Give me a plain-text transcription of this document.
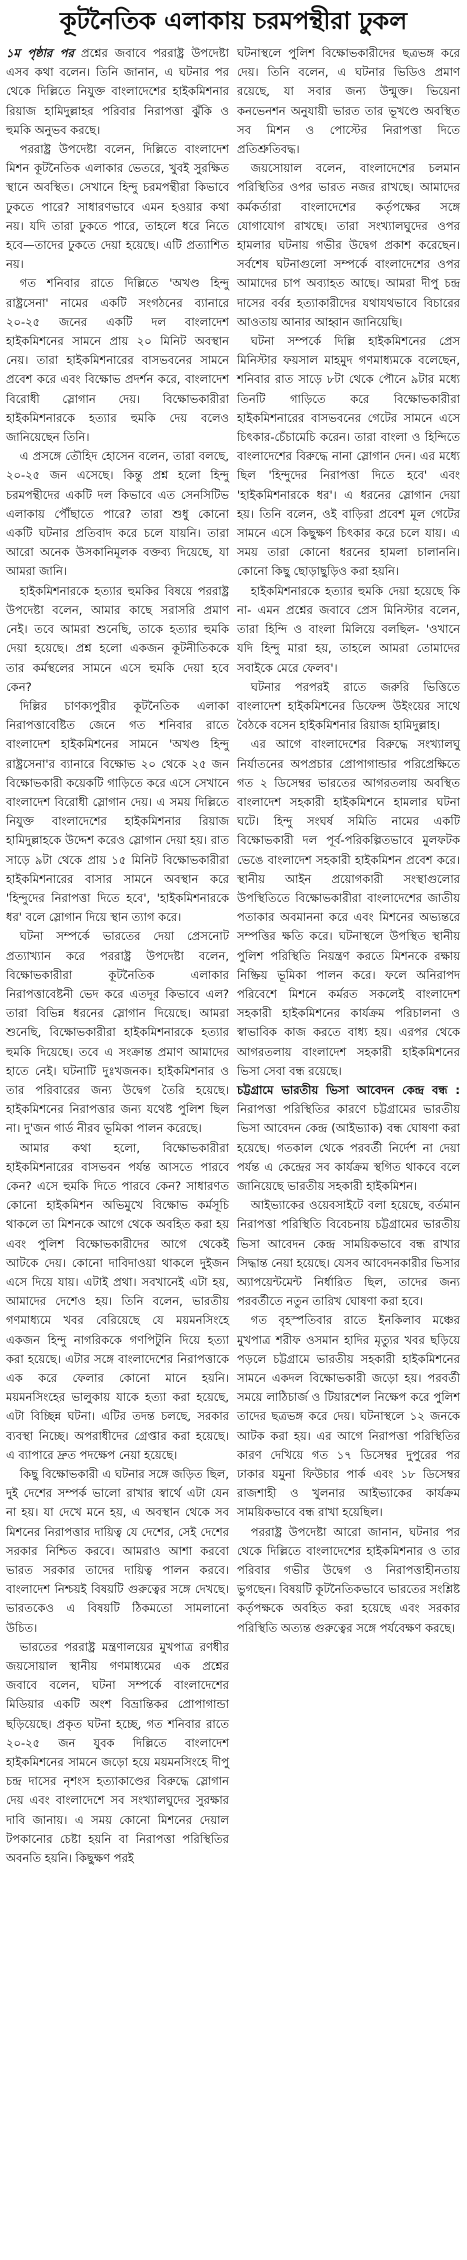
কূটনৈতিক এলাকায় চরমপন্থীরা ঢুকল

১ম পৃষ্ঠার পর প্রশ্নের জবাবে পররাষ্ট্র উপদেষ্টা এসব কথা বলেন। তিনি জানান, এ ঘটনার পর থেকে দিল্লিতে নিযুক্ত বাংলাদেশের হাইকমিশনার রিয়াজ হামিদুল্লাহর পরিবার নিরাপত্তা ঝুঁকি ও হুমকি অনুভব করছে।

পররাষ্ট্র উপদেষ্টা বলেন, দিল্লিতে বাংলাদেশ মিশন কূটনৈতিক এলাকার ভেতরে, খুবই সুরক্ষিত স্থানে অবস্থিত। সেখানে হিন্দু চরমপন্থীরা কিভাবে ঢুকতে পারে? সাধারণভাবে এমন হওয়ার কথা নয়। যদি তারা ঢুকতে পারে, তাহলে ধরে নিতে হবে—তাদের ঢুকতে দেয়া হয়েছে। এটি প্রত্যাশিত নয়।

গত শনিবার রাতে দিল্লিতে 'অখণ্ড হিন্দু রাষ্ট্রসেনা' নামের একটি সংগঠনের ব্যানারে ২০-২৫ জনের একটি দল বাংলাদেশ হাইকমিশনের সামনে প্রায় ২০ মিনিট অবস্থান নেয়। তারা হাইকমিশনারের বাসভবনের সামনে প্রবেশ করে এবং বিক্ষোভ প্রদর্শন করে, বাংলাদেশ বিরোধী স্লোগান দেয়। বিক্ষোভকারীরা হাইকমিশনারকে হত্যার হুমকি দেয় বলেও জানিয়েছেন তিনি।

এ প্রসঙ্গে তৌহিদ হোসেন বলেন, তারা বলছে, ২০-২৫ জন এসেছে। কিন্তু প্রশ্ন হলো হিন্দু চরমপন্থীদের একটি দল কিভাবে এত সেনসিটিভ এলাকায় পৌঁছাতে পারে? তারা শুধু কোনো একটি ঘটনার প্রতিবাদ করে চলে যায়নি। তারা আরো অনেক উসকানিমূলক বক্তব্য দিয়েছে, যা আমরা জানি।

হাইকমিশনারকে হত্যার হুমকির বিষয়ে পররাষ্ট্র উপদেষ্টা বলেন, আমার কাছে সরাসরি প্রমাণ নেই। তবে আমরা শুনেছি, তাকে হত্যার হুমকি দেয়া হয়েছে। প্রশ্ন হলো একজন কূটনীতিককে তার কর্মস্থলের সামনে এসে হুমকি দেয়া হবে কেন?

দিল্লির চাণক্যপুরীর কূটনৈতিক এলাকা নিরাপত্তাবেষ্টিত জেনে গত শনিবার রাতে বাংলাদেশ হাইকমিশনের সামনে 'অখণ্ড হিন্দু রাষ্ট্রসেনা'র ব্যানারে বিক্ষোভ ২০ থেকে ২৫ জন বিক্ষোভকারী কয়েকটি গাড়িতে করে এসে সেখানে বাংলাদেশ বিরোধী স্লোগান দেয়। এ সময় দিল্লিতে নিযুক্ত বাংলাদেশের হাইকমিশনার রিয়াজ হামিদুল্লাহকে উদ্দেশ করেও স্লোগান দেয়া হয়। রাত সাড়ে ৯টা থেকে প্রায় ১৫ মিনিট বিক্ষোভকারীরা হাইকমিশনারের বাসার সামনে অবস্থান করে 'হিন্দুদের নিরাপত্তা দিতে হবে', 'হাইকমিশনারকে ধর' বলে স্লোগান দিয়ে স্থান ত্যাগ করে।

ঘটনা সম্পর্কে ভারতের দেয়া প্রেসনোট প্রত্যাখ্যান করে পররাষ্ট্র উপদেষ্টা বলেন, বিক্ষোভকারীরা কূটনৈতিক এলাকার নিরাপত্তাবেষ্টনী ভেদ করে এতদূর কিভাবে এল? তারা বিভিন্ন ধরনের স্লোগান দিয়েছে। আমরা শুনেছি, বিক্ষোভকারীরা হাইকমিশনারকে হত্যার হুমকি দিয়েছে। তবে এ সংক্রান্ত প্রমাণ আমাদের হাতে নেই। ঘটনাটি দুঃখজনক। হাইকমিশনার ও তার পরিবারের জন্য উদ্বেগ তৈরি হয়েছে। হাইকমিশনের নিরাপত্তার জন্য যথেষ্ট পুলিশ ছিল না। দু'জন গার্ড নীরব ভূমিকা পালন করেছে।

আমার কথা হলো, বিক্ষোভকারীরা হাইকমিশনারের বাসভবন পর্যন্ত আসতে পারবে কেন? এসে হুমকি দিতে পারবে কেন? সাধারণত কোনো হাইকমিশন অভিমুখে বিক্ষোভ কর্মসূচি থাকলে তা মিশনকে আগে থেকে অবহিত করা হয় এবং পুলিশ বিক্ষোভকারীদের আগে থেকেই আটকে দেয়। কোনো দাবিদাওয়া থাকলে দুইজন এসে দিয়ে যায়। এটাই প্রথা। সবখানেই এটা হয়, আমাদের দেশেও হয়। তিনি বলেন, ভারতীয় গণমাধ্যমে খবর বেরিয়েছে যে ময়মনসিংহে একজন হিন্দু নাগরিককে গণপিটুনি দিয়ে হত্যা করা হয়েছে। এটার সঙ্গে বাংলাদেশের নিরাপত্তাকে এক করে ফেলার কোনো মানে হয়নি। ময়মনসিংহের ভালুকায় যাকে হত্যা করা হয়েছে, এটা বিচ্ছিন্ন ঘটনা। এটির তদন্ত চলছে, সরকার ব্যবস্থা নিচ্ছে। অপরাধীদের গ্রেপ্তার করা হয়েছে। এ ব্যাপারে দ্রুত পদক্ষেপ নেয়া হয়েছে।

কিছু বিক্ষোভকারী এ ঘটনার সঙ্গে জড়িত ছিল, দুই দেশের সম্পর্ক ভালো রাখার স্বার্থে এটা যেন না হয়। যা দেখে মনে হয়, এ অবস্থান থেকে সব মিশনের নিরাপত্তার দায়িত্ব যে দেশের, সেই দেশের সরকার নিশ্চিত করবে। আমরাও আশা করবো ভারত সরকার তাদের দায়িত্ব পালন করবে। বাংলাদেশ নিশ্চয়ই বিষয়টি গুরুত্বের সঙ্গে দেখছে। ভারতকেও এ বিষয়টি ঠিকমতো সামলানো উচিত।

ভারতের পররাষ্ট্র মন্ত্রণালয়ের মুখপাত্র রণধীর জয়সোয়াল স্থানীয় গণমাধ্যমের এক প্রশ্নের জবাবে বলেন, ঘটনা সম্পর্কে বাংলাদেশের মিডিয়ার একটি অংশ বিভ্রান্তিকর প্রোপাগান্ডা ছড়িয়েছে। প্রকৃত ঘটনা হচ্ছে, গত শনিবার রাতে ২০-২৫ জন যুবক দিল্লিতে বাংলাদেশ হাইকমিশনের সামনে জড়ো হয়ে ময়মনসিংহে দীপু চন্দ্র দাসের নৃশংস হত্যাকাণ্ডের বিরুদ্ধে স্লোগান দেয় এবং বাংলাদেশে সব সংখ্যালঘুদের সুরক্ষার দাবি জানায়। এ সময় কোনো মিশনের দেয়াল টপকানোর চেষ্টা হয়নি বা নিরাপত্তা পরিস্থিতির অবনতি হয়নি। কিছুক্ষণ পরই

ঘটনাস্থলে পুলিশ বিক্ষোভকারীদের ছত্রভঙ্গ করে দেয়। তিনি বলেন, এ ঘটনার ভিডিও প্রমাণ রয়েছে, যা সবার জন্য উন্মুক্ত। ভিয়েনা কনভেনশন অনুযায়ী ভারত তার ভূখণ্ডে অবস্থিত সব মিশন ও পোস্টের নিরাপত্তা দিতে প্রতিশ্রুতিবদ্ধ।

জয়সোয়াল বলেন, বাংলাদেশের চলমান পরিস্থিতির ওপর ভারত নজর রাখছে। আমাদের কর্মকর্তারা বাংলাদেশের কর্তৃপক্ষের সঙ্গে যোগাযোগ রাখছে। তারা সংখ্যালঘুদের ওপর হামলার ঘটনায় গভীর উদ্বেগ প্রকাশ করেছেন। সর্বশেষ ঘটনাগুলো সম্পর্কে বাংলাদেশের ওপর আমাদের চাপ অব্যাহত আছে। আমরা দীপু চন্দ্র দাসের বর্বর হত্যাকারীদের যথাযথভাবে বিচারের আওতায় আনার আহ্বান জানিয়েছি।

ঘটনা সম্পর্কে দিল্লি হাইকমিশনের প্রেস মিনিস্টার ফয়সাল মাহমুদ গণমাধ্যমকে বলেছেন, শনিবার রাত সাড়ে ৮টা থেকে পৌনে ৯টার মধ্যে তিনটি গাড়িতে করে বিক্ষোভকারীরা হাইকমিশনারের বাসভবনের গেটের সামনে এসে চিৎকার-চেঁচামেচি করেন। তারা বাংলা ও হিন্দিতে বাংলাদেশের বিরুদ্ধে নানা স্লোগান দেন। এর মধ্যে ছিল 'হিন্দুদের নিরাপত্তা দিতে হবে' এবং 'হাইকমিশনারকে ধর'। এ ধরনের স্লোগান দেয়া হয়। তিনি বলেন, ওই বাড়িরা প্রবেশ মূল গেটের সামনে এসে কিছুক্ষণ চিৎকার করে চলে যায়। এ সময় তারা কোনো ধরনের হামলা চালাননি। কোনো কিছু ছোড়াছুড়িও করা হয়নি।

হাইকমিশনারকে হত্যার হুমকি দেয়া হয়েছে কি না- এমন প্রশ্নের জবাবে প্রেস মিনিস্টার বলেন, তারা হিন্দি ও বাংলা মিলিয়ে বলছিল- 'ওখানে যদি হিন্দু মারা হয়, তাহলে আমরা তোমাদের সবাইকে মেরে ফেলব'।

ঘটনার পরপরই রাতে জরুরি ভিত্তিতে বাংলাদেশ হাইকমিশনের ডিফেন্স উইংয়ের সাথে বৈঠকে বসেন হাইকমিশনার রিয়াজ হামিদুল্লাহ।

এর আগে বাংলাদেশের বিরুদ্ধে সংখ্যালঘু নির্যাতনের অপপ্রচার প্রোপাগান্ডার পরিপ্রেক্ষিতে গত ২ ডিসেম্বর ভারতের আগরতলায় অবস্থিত বাংলাদেশ সহকারী হাইকমিশনে হামলার ঘটনা ঘটে। হিন্দু সংঘর্ষ সমিতি নামের একটি বিক্ষোভকারী দল পূর্ব-পরিকল্পিতভাবে মুলফটক ভেঙে বাংলাদেশ সহকারী হাইকমিশন প্রবেশ করে। স্থানীয় আইন প্রয়োগকারী সংস্থাগুলোর উপস্থিতিতে বিক্ষোভকারীরা বাংলাদেশের জাতীয় পতাকার অবমাননা করে এবং মিশনের অভ্যন্তরে সম্পত্তির ক্ষতি করে। ঘটনাস্থলে উপস্থিত স্থানীয় পুলিশ পরিস্থিতি নিয়ন্ত্রণ করতে মিশনকে রক্ষায় নিষ্ক্রিয় ভূমিকা পালন করে। ফলে অনিরাপদ পরিবেশে মিশনে কর্মরত সকলেই বাংলাদেশ সহকারী হাইকমিশনের কার্যক্রম পরিচালনা ও স্বাভাবিক কাজ করতে বাধ্য হয়। এরপর থেকে আগরতলায় বাংলাদেশ সহকারী হাইকমিশনের ভিসা সেবা বন্ধ রয়েছে।

চট্টগ্রামে ভারতীয় ভিসা আবেদন কেন্দ্র বন্ধ : নিরাপত্তা পরিস্থিতির কারণে চট্টগ্রামের ভারতীয় ভিসা আবেদন কেন্দ্র (আইভ্যাক) বন্ধ ঘোষণা করা হয়েছে। গতকাল থেকে পরবর্তী নির্দেশ না দেয়া পর্যন্ত এ কেন্দ্রের সব কার্যক্রম স্থগিত থাকবে বলে জানিয়েছে ভারতীয় সহকারী হাইকমিশন।

আইভ্যাকের ওয়েবসাইটে বলা হয়েছে, বর্তমান নিরাপত্তা পরিস্থিতি বিবেচনায় চট্টগ্রামের ভারতীয় ভিসা আবেদন কেন্দ্র সাময়িকভাবে বন্ধ রাখার সিদ্ধান্ত নেয়া হয়েছে। যেসব আবেদনকারীর ভিসার অ্যাপয়েন্টমেন্ট নির্ধারিত ছিল, তাদের জন্য পরবর্তীতে নতুন তারিখ ঘোষণা করা হবে।

গত বৃহস্পতিবার রাতে ইনকিলাব মঞ্চের মুখপাত্র শরীফ ওসমান হাদির মৃত্যুর খবর ছড়িয়ে পড়লে চট্টগ্রামে ভারতীয় সহকারী হাইকমিশনের সামনে একদল বিক্ষোভকারী জড়ো হয়। পরবর্তী সময়ে লাঠিচার্জ ও টিয়ারশেল নিক্ষেপ করে পুলিশ তাদের ছত্রভঙ্গ করে দেয়। ঘটনাস্থলে ১২ জনকে আটক করা হয়। এর আগে নিরাপত্তা পরিস্থিতির কারণ দেখিয়ে গত ১৭ ডিসেম্বর দুপুরের পর ঢাকার যমুনা ফিউচার পার্ক এবং ১৮ ডিসেম্বর রাজশাহী ও খুলনার আইভ্যাকের কার্যক্রম সাময়িকভাবে বন্ধ রাখা হয়েছিল।

পররাষ্ট্র উপদেষ্টা আরো জানান, ঘটনার পর থেকে দিল্লিতে বাংলাদেশের হাইকমিশনার ও তার পরিবার গভীর উদ্বেগ ও নিরাপত্তাহীনতায় ভুগছেন। বিষয়টি কূটনৈতিকভাবে ভারতের সংশ্লিষ্ট কর্তৃপক্ষকে অবহিত করা হয়েছে এবং সরকার পরিস্থিতি অত্যন্ত গুরুত্বের সঙ্গে পর্যবেক্ষণ করছে।
